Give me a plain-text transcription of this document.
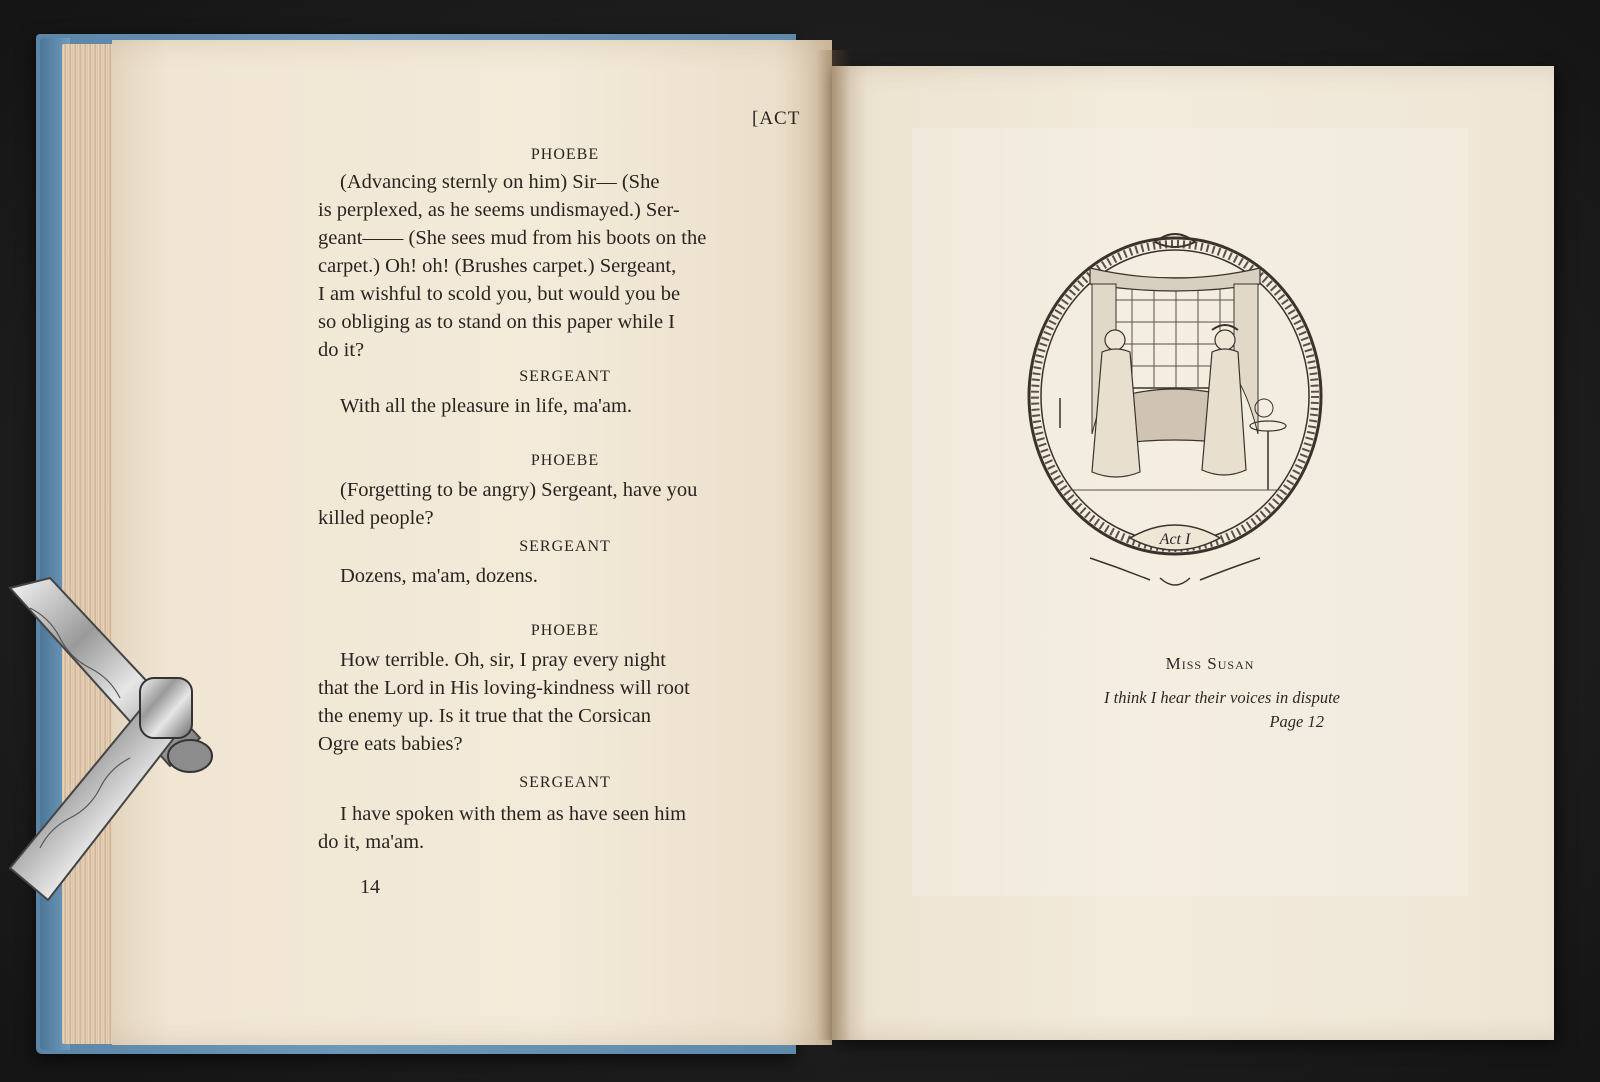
[ACT
PHOEBE
(Advancing sternly on him) Sir— (She
is perplexed, as he seems undismayed.) Ser-
geant—— (She sees mud from his boots on the
carpet.) Oh! oh! (Brushes carpet.) Sergeant,
I am wishful to scold you, but would you be
so obliging as to stand on this paper while I
do it?
SERGEANT
With all the pleasure in life, ma'am.
PHOEBE
(Forgetting to be angry) Sergeant, have you
killed people?
SERGEANT
Dozens, ma'am, dozens.
PHOEBE
How terrible. Oh, sir, I pray every night
that the Lord in His loving-kindness will root
the enemy up. Is it true that the Corsican
Ogre eats babies?
SERGEANT
I have spoken with them as have seen him
do it, ma'am.
14
Act I
Miss Susan
I think I hear their voices in dispute
Page 12
